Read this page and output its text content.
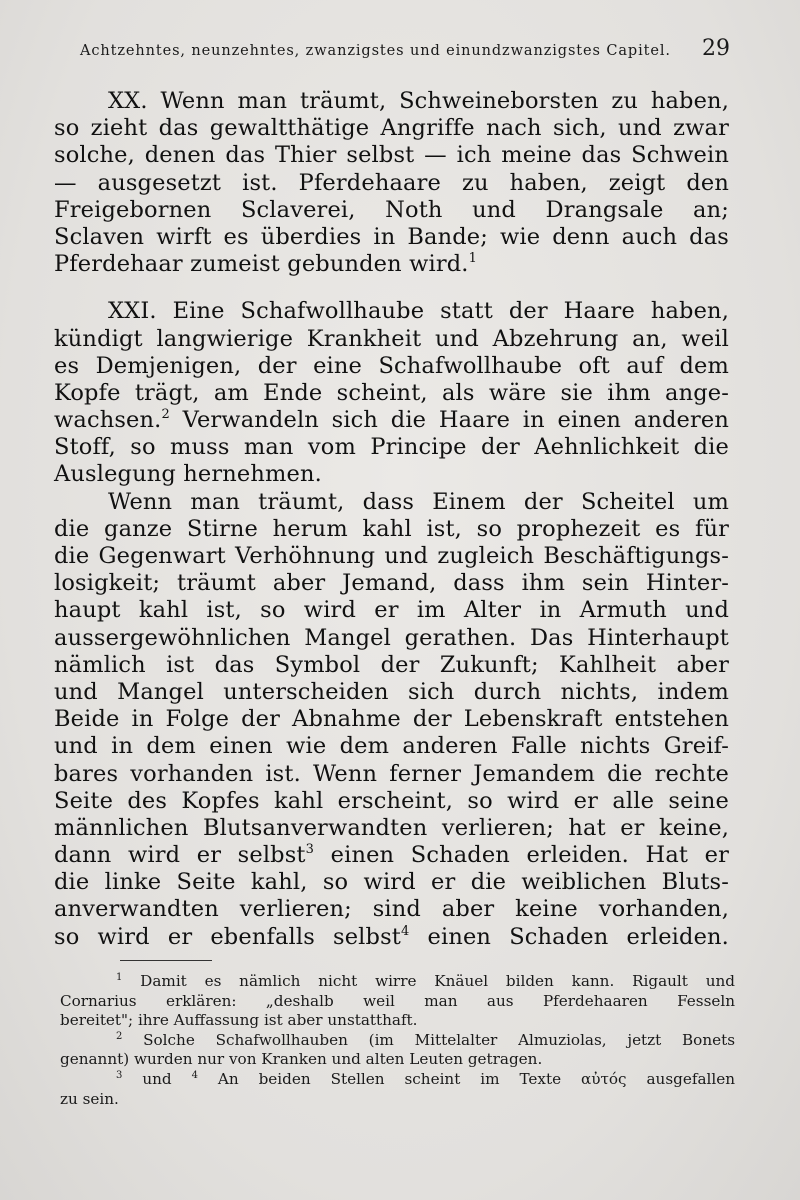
Achtzehntes, neunzehntes, zwanzigstes und einundzwanzigstes Capitel. 29
XX. Wenn man träumt, Schweineborsten zu haben,
so zieht das gewaltthätige Angriffe nach sich, und zwar
solche, denen das Thier selbst — ich meine das Schwein
— ausgesetzt ist. Pferdehaare zu haben, zeigt den
Freigebornen Sclaverei, Noth und Drangsale an;
Sclaven wirft es überdies in Bande; wie denn auch das
Pferdehaar zumeist gebunden wird.$^1$
XXI. Eine Schafwollhaube statt der Haare haben,
kündigt langwierige Krankheit und Abzehrung an, weil
es Demjenigen, der eine Schafwollhaube oft auf dem
Kopfe trägt, am Ende scheint, als wäre sie ihm ange-
wachsen.$^2$ Verwandeln sich die Haare in einen anderen
Stoff, so muss man vom Principe der Aehnlichkeit die
Auslegung hernehmen.
Wenn man träumt, dass Einem der Scheitel um
die ganze Stirne herum kahl ist, so prophezeit es für
die Gegenwart Verhöhnung und zugleich Beschäftigungs-
losigkeit; träumt aber Jemand, dass ihm sein Hinter-
haupt kahl ist, so wird er im Alter in Armuth und
aussergewöhnlichen Mangel gerathen. Das Hinterhaupt
nämlich ist das Symbol der Zukunft; Kahlheit aber
und Mangel unterscheiden sich durch nichts, indem
Beide in Folge der Abnahme der Lebenskraft entstehen
und in dem einen wie dem anderen Falle nichts Greif-
bares vorhanden ist. Wenn ferner Jemandem die rechte
Seite des Kopfes kahl erscheint, so wird er alle seine
männlichen Blutsanverwandten verlieren; hat er keine,
dann wird er selbst$^3$ einen Schaden erleiden. Hat er
die linke Seite kahl, so wird er die weiblichen Bluts-
anverwandten verlieren; sind aber keine vorhanden,
so wird er ebenfalls selbst$^4$ einen Schaden erleiden.
$^1$ Damit es nämlich nicht wirre Knäuel bilden kann. Rigault und
Cornarius erklären: „deshalb weil man aus Pferdehaaren Fesseln
bereitet"; ihre Auffassung ist aber unstatthaft.
$^2$ Solche Schafwollhauben (im Mittelalter Almuziolas, jetzt Bonets
genannt) wurden nur von Kranken und alten Leuten getragen.
$^3$ und $^4$ An beiden Stellen scheint im Texte αὐτός ausgefallen
zu sein.
